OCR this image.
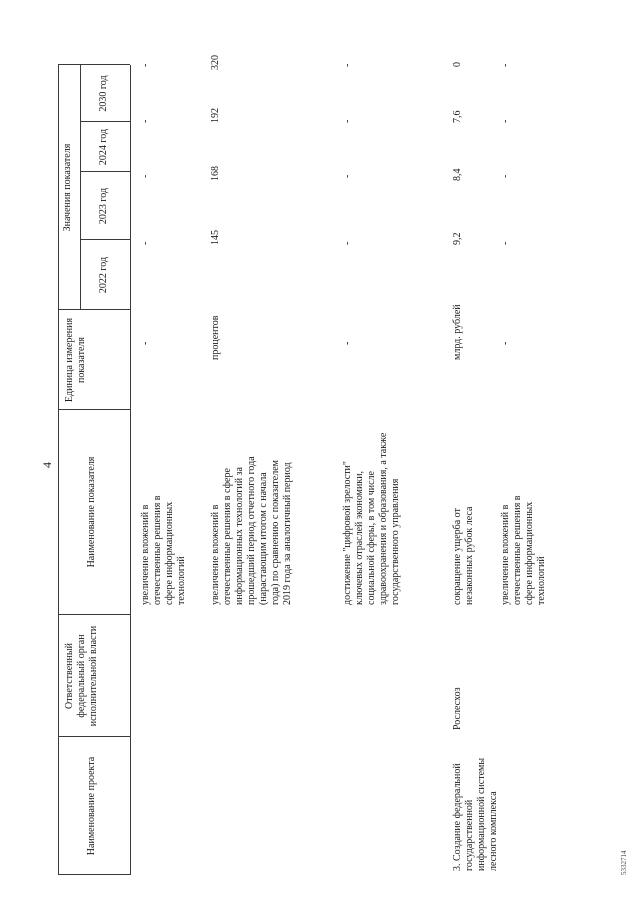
4
Наименование проекта
Ответственный федеральный орган исполнительной власти
Наименование показателя
Единица измерения показателя
Значения показателя
2022 год
2023 год
2024 год
2030 год
увеличение вложений в отечественные решения в сфере информационных технологий
-
-
-
-
-
увеличение вложений в отечественные решения в сфере информационных технологий за прошедший период отчетного года (нарастающим итогом с начала года) по сравнению с показателем 2019 года за аналогичный период
процентов
145
168
192
320
достижение "цифровой зрелости" ключевых отраслей экономики, социальной сферы, в том числе здравоохранения и образования, а также государственного управления
-
-
-
-
-
3. Создание федеральной государственной информационной системы лесного комплекса
Рослесхоз
сокращение ущерба от незаконных рубок леса
млрд. рублей
9,2
8,4
7,6
0
увеличение вложений в отечественные решения в сфере информационных технологий
-
-
-
-
-
5332714
